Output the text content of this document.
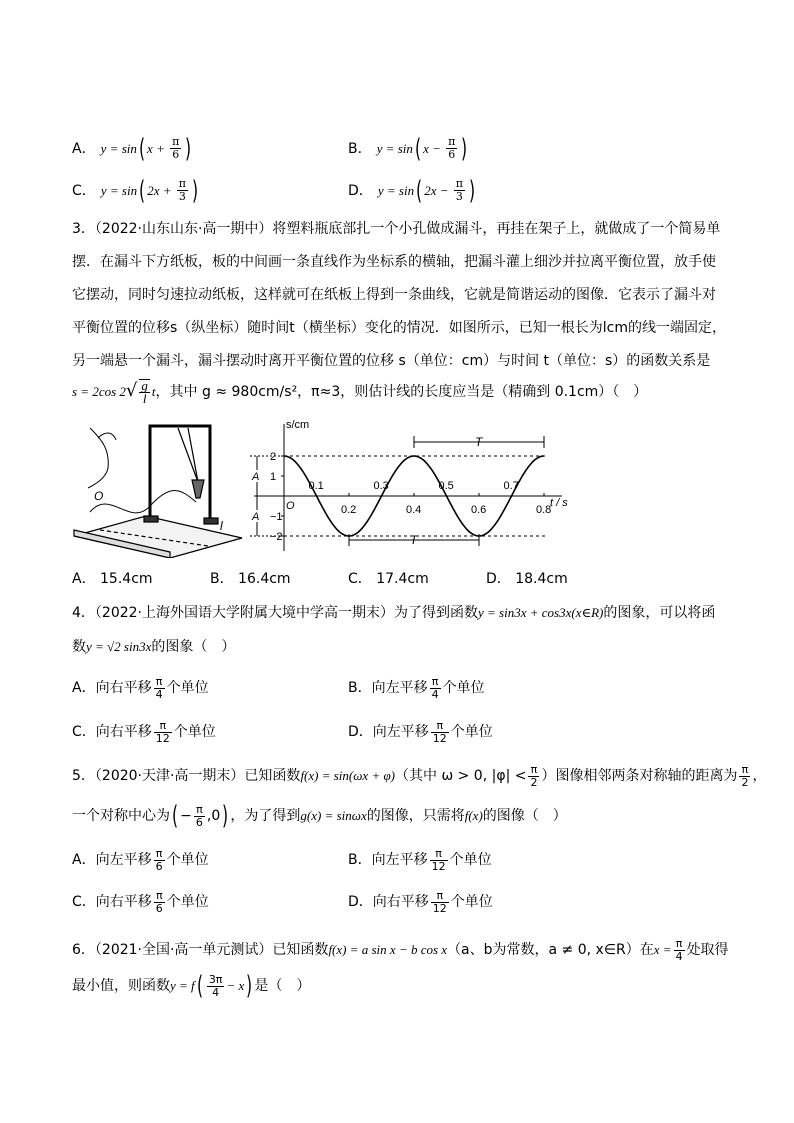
A． y = sin( $x + \frac{\pi}{6}$ )	B． y = sin( $x - \frac{\pi}{6}$ )
C． y = sin( $2x + \frac{\pi}{3}$ )	D． y = sin( $2x - \frac{\pi}{3}$ )
3．（2022·山东山东·高一期中）将塑料瓶底部扎一个小孔做成漏斗，再挂在架子上，就做成了一个简易单
摆．在漏斗下方纸板，板的中间画一条直线作为坐标系的横轴，把漏斗灌上细沙并拉离平衡位置，放手使
它摆动，同时匀速拉动纸板，这样就可在纸板上得到一条曲线，它就是简谐运动的图像．它表示了漏斗对
平衡位置的位移s（纵坐标）随时间t（横坐标）变化的情况．如图所示，已知一根长为lcm的线一端固定，
另一端悬一个漏斗，漏斗摆动时离开平衡位置的位移 s（单位：cm）与时间 t（单位：s）的函数关系是
s = 2cos $2√ \frac{g}{l}$ t，其中 g ≈ 980cm/s²，π≈3，则估计线的长度应当是（精确到 0.1cm）（　）
O
l
s/cm
t / s
2
1
−1
−2
A
A
0.2	0.4	0.6	0.8
0.1	0.3	0.5	0.7
O
T
T
A． 15.4cm	B． 16.4cm	C． 17.4cm	D． 18.4cm
4．（2022·上海外国语大学附属大境中学高一期末）为了得到函数y = sin3x + cos3x(x∈R)的图象，可以将函
数y = √2 sin3x的图象（　）
A．向右平移 $\frac{\pi}{4}$ 个单位	B．向左平移 $\frac{\pi}{4}$ 个单位
C．向右平移 $\frac{\pi}{12}$ 个单位	D．向左平移 $\frac{\pi}{12}$ 个单位
5．（2020·天津·高一期末）已知函数f(x) = sin(ωx + φ)（其中 ω > 0, $|\varphi| < \frac{\pi}{2}$ ）图像相邻两条对称轴的距离为 $\frac{\pi}{2}$ ，
一个对称中心为( − $\frac{\pi}{6} ,0$) ，为了得到g(x) = sinωx的图像，只需将f(x)的图像（　）
A．向左平移 $\frac{\pi}{6}$ 个单位	B．向左平移 $\frac{\pi}{12}$ 个单位
C．向右平移 $\frac{\pi}{6}$ 个单位	D．向右平移 $\frac{\pi}{12}$ 个单位
6．（2021·全国·高一单元测试）已知函数f(x) = a sin x − b cos x（a、b为常数，a ≠ 0, x∈R）在$x = \frac{\pi}{4}$ 处取得
最小值，则函数$y = f( \frac{3\pi}{4} - x)$ 是（　）
